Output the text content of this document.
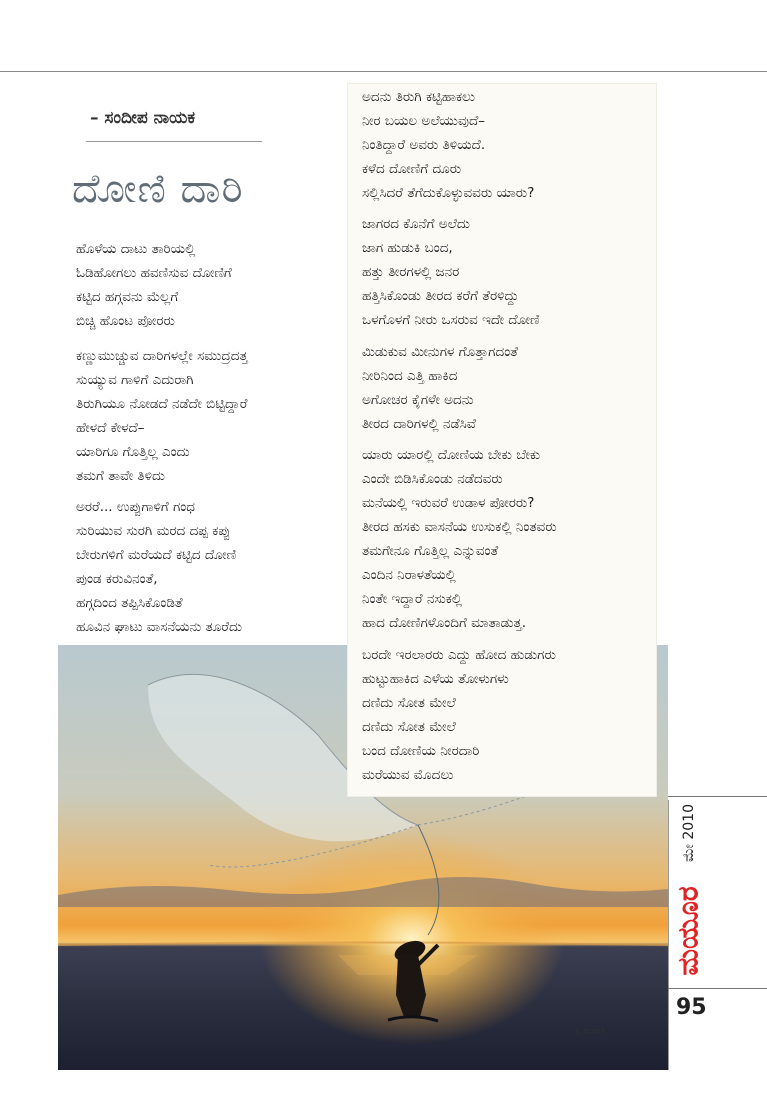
– ಸಂದೀಪ ನಾಯಕ
ದೋಣಿ ದಾರಿ
ಹೊಳೆಯ ದಾಟು ತಾರಿಯಲ್ಲಿ
ಓಡಿಹೋಗಲು ಹವಣಿಸುವ ದೋಣಿಗೆ
ಕಟ್ಟಿದ ಹಗ್ಗವನು ಮೆಲ್ಲಗೆ
ಬಿಚ್ಚಿ ಹೊಂಟ ಪೋರರು
ಕಣ್ಣುಮುಚ್ಚುವ ದಾರಿಗಳಲ್ಲೇ ಸಮುದ್ರದತ್ತ
ಸುಯ್ಯುವ ಗಾಳಿಗೆ ಎದುರಾಗಿ
ತಿರುಗಿಯೂ ನೋಡದೆ ನಡೆದೇ ಬಿಟ್ಟಿದ್ದಾರೆ
ಹೇಳದೆ ಕೇಳದೆ–
ಯಾರಿಗೂ ಗೊತ್ತಿಲ್ಲ ಎಂದು
ತಮಗೆ ತಾವೇ ತಿಳಿದು
ಅರರೆ... ಉಪ್ಪುಗಾಳಿಗೆ ಗಂಧ
ಸುರಿಯುವ ಸುರಗಿ ಮರದ ದಪ್ಪ ಕಪ್ಪು
ಬೇರುಗಳಿಗೆ ಮರೆಯದೆ ಕಟ್ಟಿದ ದೋಣಿ
ಪುಂಡ ಕರುವಿನಂತೆ,
ಹಗ್ಗದಿಂದ ತಪ್ಪಿಸಿಕೊಂಡಿತೆ
ಹೂವಿನ ಘಾಟು ವಾಸನೆಯನು ತೂರೆದು
ಅದನು ತಿರುಗಿ ಕಟ್ಟಿಹಾಕಲು
ನೀರ ಬಯಲ ಅಲೆಯುವುದೆ–
ನಿಂತಿದ್ದಾರೆ ಅವರು ತಿಳಿಯದೆ.
ಕಳೆದ ದೋಣಿಗೆ ದೂರು
ಸಲ್ಲಿಸಿದರೆ ತೆಗೆದುಕೊಳ್ಳುವವರು ಯಾರು?
ಜಾಗರದ ಕೊನೆಗೆ ಅಲೆದು
ಜಾಗ ಹುಡುಕಿ ಬಂದ,
ಹತ್ತು ತೀರಗಳಲ್ಲಿ ಜನರ
ಹತ್ತಿಸಿಕೊಂಡು ತೀರದ ಕರೆಗೆ ತೆರಳಿದ್ದು
ಒಳಗೊಳಗೆ ನೀರು ಒಸರುವ ಇದೇ ದೋಣಿ
ಮಿಡುಕುವ ಮೀನುಗಳ ಗೊತ್ತಾಗದಂತೆ
ನೀರಿನಿಂದ ಎತ್ತಿ ಹಾಕಿದ
ಅಗೋಚರ ಕೈಗಳೇ ಅದನು
ತೀರದ ದಾರಿಗಳಲ್ಲಿ ನಡೆಸಿವೆ
ಯಾರು ಯಾರಲ್ಲಿ ದೋಣಿಯ ಬೇಕು ಬೇಕು
ಎಂದೇ ಬಿಡಿಸಿಕೊಂಡು ನಡೆದವರು
ಮನೆಯಲ್ಲಿ ಇರುವರೆ ಉಡಾಳ ಪೋರರು?
ತೀರದ ಹಸಕು ವಾಸನೆಯ ಉಸುಕಲ್ಲಿ ನಿಂತವರು
ತಮಗೇನೂ ಗೊತ್ತಿಲ್ಲ ಎನ್ನುವಂತೆ
ಎಂದಿನ ನಿರಾಳತೆಯಲ್ಲಿ
ನಿಂತೇ ಇದ್ದಾರೆ ನಸುಕಲ್ಲಿ
ಹಾದ ದೋಣಿಗಳೊಂದಿಗೆ ಮಾತಾಡುತ್ತ.
ಬರದೇ ಇರಲಾರರು ಎದ್ದು ಹೋದ ಹುಡುಗರು
ಹುಟ್ಟುಹಾಕಿದ ಎಳೆಯ ತೋಳುಗಳು
ದಣಿದು ಸೋತ ಮೇಲೆ
ದಣಿದು ಸೋತ ಮೇಲೆ
ಬಂದ ದೋಣಿಯ ನೀರದಾರಿ
ಮರೆಯುವ ಮೊದಲು
ಕೆ. ಕಲಾವತಿ
ಮೇ 2010
ಮಯೂರ
95
